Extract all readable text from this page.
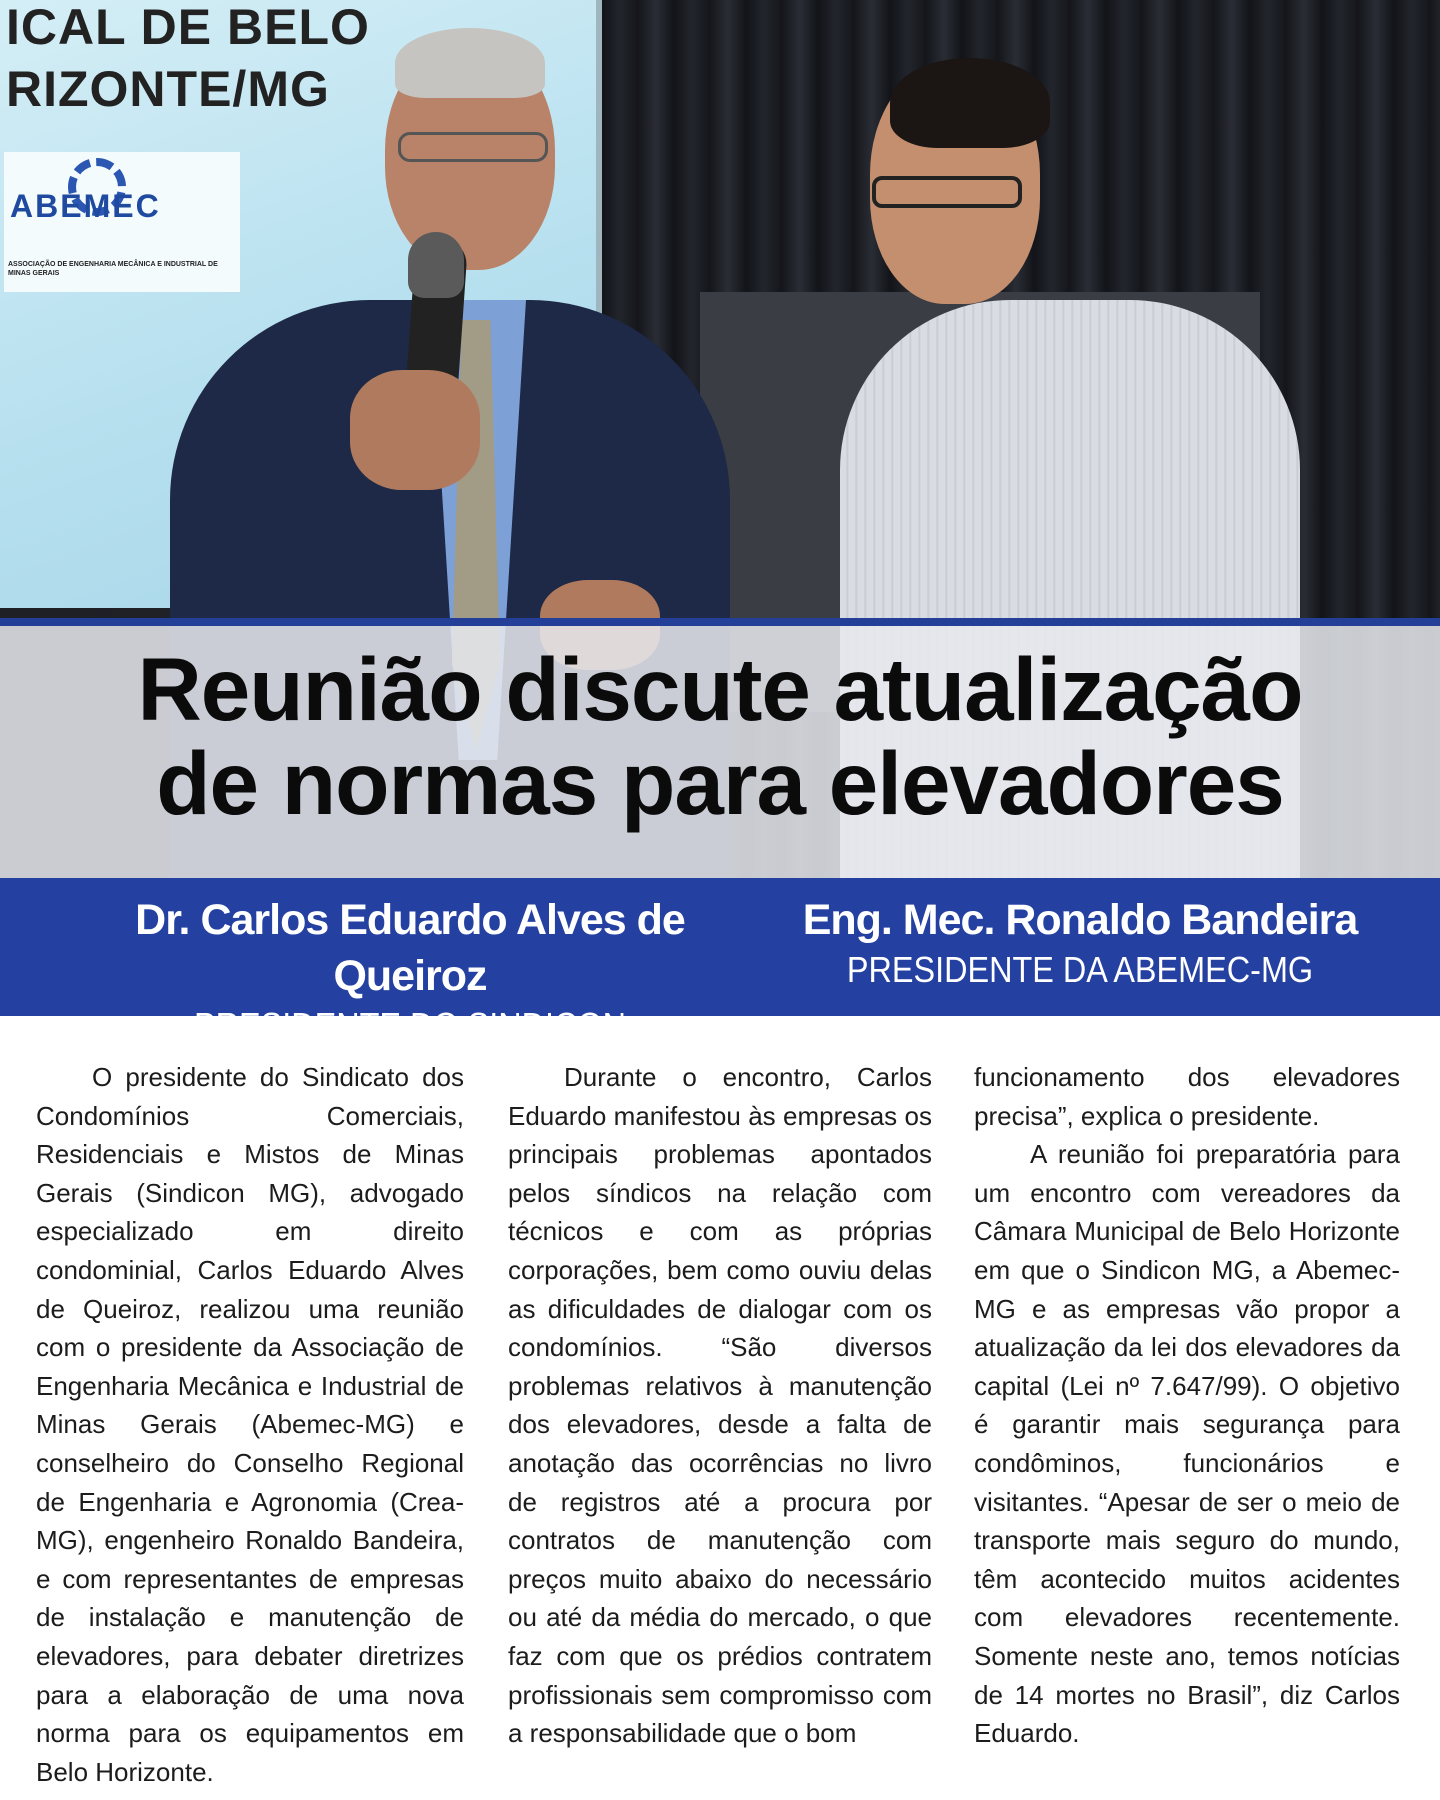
ICAL DE BELO
RIZONTE/MG
ABEMEC
ASSOCIAÇÃO DE ENGENHARIA MECÂNICA E INDUSTRIAL DE MINAS GERAIS
Reunião discute atualização
de normas para elevadores
Dr. Carlos Eduardo Alves de Queiroz
PRESIDENTE DO SINDICON
Eng. Mec. Ronaldo Bandeira
PRESIDENTE DA ABEMEC-MG

O presidente do Sindicato dos Condomínios Comerciais, Residenciais e Mistos de Minas Gerais (Sindicon MG), advogado especializado em direito condominial, Carlos Eduardo Alves de Queiroz, realizou uma reunião com o presidente da Associação de Engenharia Mecânica e Industrial de Minas Gerais (Abemec-MG) e conselheiro do Conselho Regional de Engenharia e Agronomia (Crea-MG), engenheiro Ronaldo Bandeira, e com representantes de empresas de instalação e manutenção de elevadores, para debater diretrizes para a elaboração de uma nova norma para os equipamentos em Belo Horizonte.

Durante o encontro, Carlos Eduardo manifestou às empresas os principais problemas apontados pelos síndicos na relação com técnicos e com as próprias corporações, bem como ouviu delas as dificuldades de dialogar com os condomínios. “São diversos problemas relativos à manutenção dos elevadores, desde a falta de anotação das ocorrências no livro de registros até a procura por contratos de manutenção com preços muito abaixo do necessário ou até da média do mercado, o que faz com que os prédios contratem profissionais sem compromisso com a responsabilidade que o bom

funcionamento dos elevadores precisa”, explica o presidente.

A reunião foi preparatória para um encontro com vereadores da Câmara Municipal de Belo Horizonte em que o Sindicon MG, a Abemec-MG e as empresas vão propor a atualização da lei dos elevadores da capital (Lei nº 7.647/99). O objetivo é garantir mais segurança para condôminos, funcionários e visitantes. “Apesar de ser o meio de transporte mais seguro do mundo, têm acontecido muitos acidentes com elevadores recentemente. Somente neste ano, temos notícias de 14 mortes no Brasil”, diz Carlos Eduardo.
